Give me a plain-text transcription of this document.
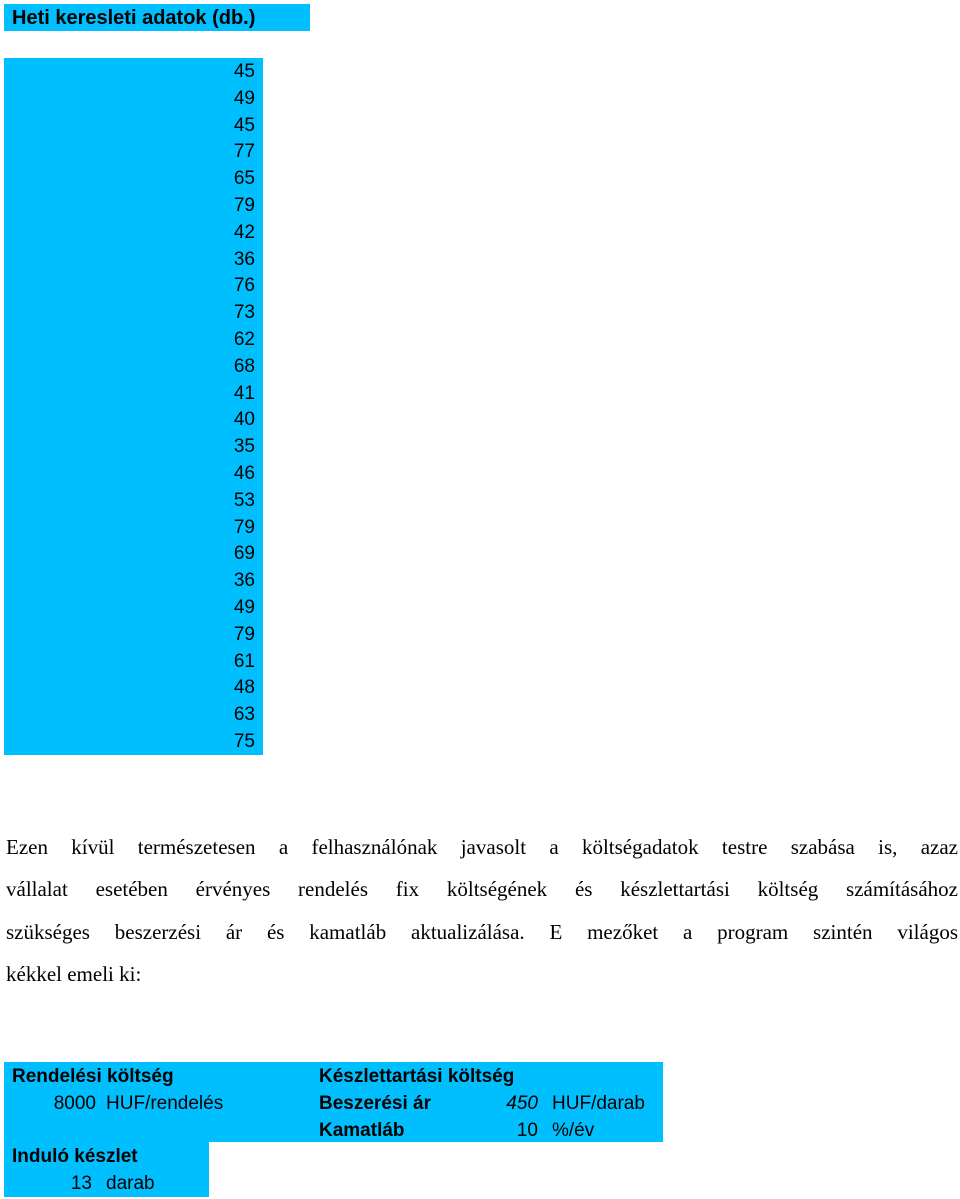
Heti keresleti adatok (db.)
45
49
45
77
65
79
42
36
76
73
62
68
41
40
35
46
53
79
69
36
49
79
61
48
63
75
Ezen kívül természetesen a felhasználónak javasolt a költségadatok testre szabása is, azaz
vállalat esetében érvényes rendelés fix költségének és készlettartási költség számításához
szükséges beszerzési ár és kamatláb aktualizálása. E mezőket a program szintén világos
kékkel emeli ki:
Rendelési költség
8000 HUF/rendelés
Készlettartási költség
Beszerési ár	450 HUF/darab
Kamatláb	10 %/év
Induló készlet
13 darab
